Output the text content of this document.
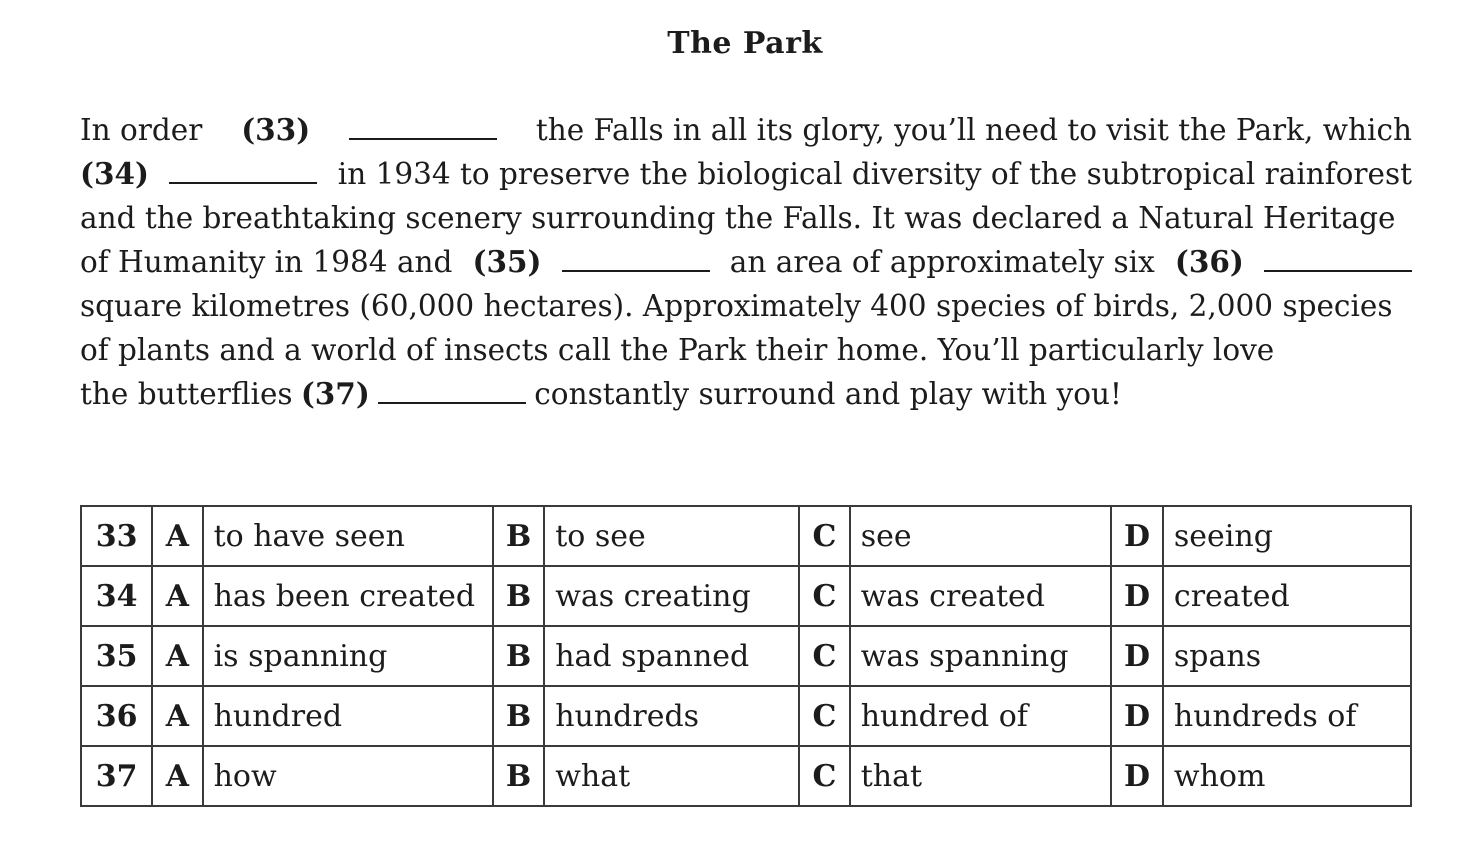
The Park
In order (33)	the Falls in all its glory, you’ll need to visit the Park, which
(34)	in 1934 to preserve the biological diversity of the subtropical rainforest
and the breathtaking scenery surrounding the Falls. It was declared a Natural Heritage
of Humanity in 1984 and (35)	an area of approximately six (36)
square kilometres (60,000 hectares). Approximately 400 species of birds, 2,000 species
of plants and a world of insects call the Park their home. You’ll particularly love
the butterflies (37)	constantly surround and play with you!
33	A	to have seen	B	to see	C	see	D	seeing
34	A	has been created	B	was creating	C	was created	D	created
35	A	is spanning	B	had spanned	C	was spanning	D	spans
36	A	hundred	B	hundreds	C	hundred of	D	hundreds of
37	A	how	B	what	C	that	D	whom
